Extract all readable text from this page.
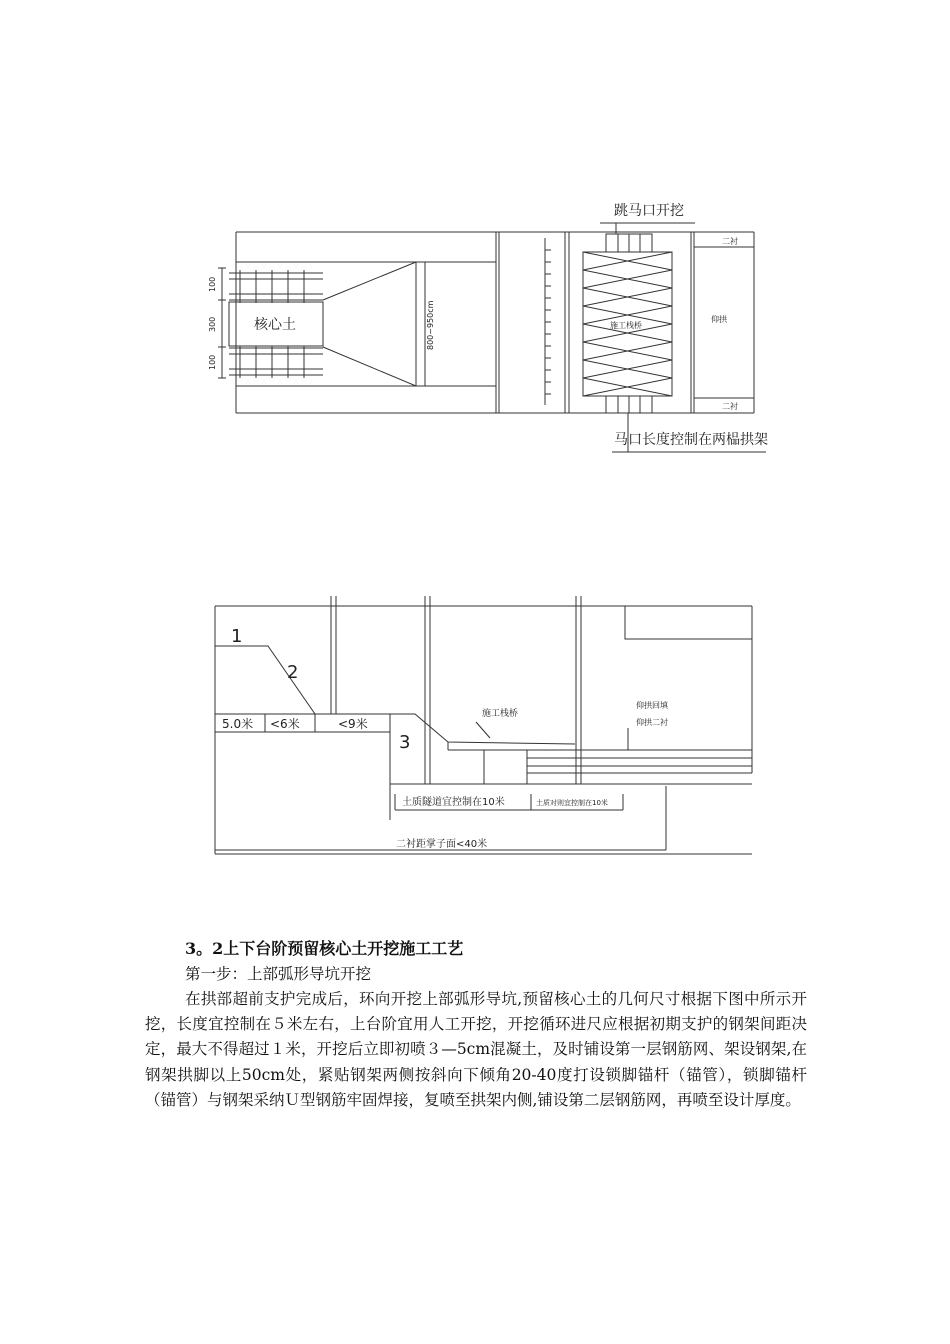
跳马口开挖
核心土	800~950cm
100
300
100
施工栈桥
仰拱
二衬
二衬
马口长度控制在两榀拱架
1
2
3
5.0米 <6米	<9米
施工栈桥
仰拱回填
仰拱二衬
土质隧道宜控制在10米	土质对则宜控制在10米
二衬距掌子面<40米
3。2上下台阶预留核心土开挖施工工艺
第一步：上部弧形导坑开挖

在拱部超前支护完成后，环向开挖上部弧形导坑,预留核心土的几何尺寸根据下图中所示开挖，长度宜控制在５米左右，上台阶宜用人工开挖，开挖循环进尺应根据初期支护的钢架间距决定，最大不得超过１米，开挖后立即初喷３—5cm混凝土，及时铺设第一层钢筋网、架设钢架,在钢架拱脚以上50cm处，紧贴钢架两侧按斜向下倾角20-40度打设锁脚锚杆（锚管），锁脚锚杆（锚管）与钢架采纳Ｕ型钢筋牢固焊接，复喷至拱架内侧,铺设第二层钢筋网，再喷至设计厚度。
